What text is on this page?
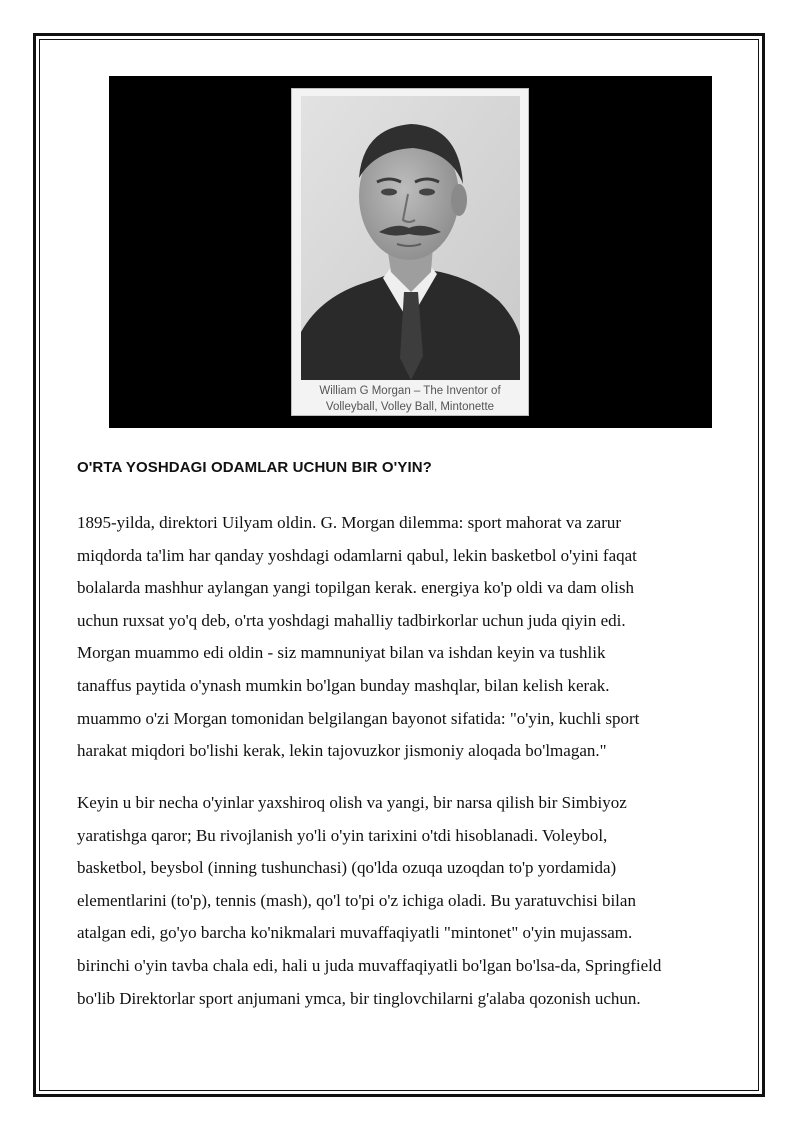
William G Morgan – The Inventor of
Volleyball, Volley Ball, Mintonette
O'RTA YOSHDAGI ODAMLAR UCHUN BIR O'YIN?

1895-yilda, direktori Uilyam oldin. G. Morgan dilemma: sport mahorat va zarur
miqdorda ta'lim har qanday yoshdagi odamlarni qabul, lekin basketbol o'yini faqat
bolalarda mashhur aylangan yangi topilgan kerak. energiya ko'p oldi va dam olish
uchun ruxsat yo'q deb, o'rta yoshdagi mahalliy tadbirkorlar uchun juda qiyin edi.
Morgan muammo edi oldin - siz mamnuniyat bilan va ishdan keyin va tushlik
tanaffus paytida o'ynash mumkin bo'lgan bunday mashqlar, bilan kelish kerak.
muammo o'zi Morgan tomonidan belgilangan bayonot sifatida: "o'yin, kuchli sport
harakat miqdori bo'lishi kerak, lekin tajovuzkor jismoniy aloqada bo'lmagan."

Keyin u bir necha o'yinlar yaxshiroq olish va yangi, bir narsa qilish bir Simbiyoz
yaratishga qaror; Bu rivojlanish yo'li o'yin tarixini o'tdi hisoblanadi. Voleybol,
basketbol, beysbol (inning tushunchasi) (qo'lda ozuqa uzoqdan to'p yordamida)
elementlarini (to'p), tennis (mash), qo'l to'pi o'z ichiga oladi. Bu yaratuvchisi bilan
atalgan edi, go'yo barcha ko'nikmalari muvaffaqiyatli "mintonet" o'yin mujassam.
birinchi o'yin tavba chala edi, hali u juda muvaffaqiyatli bo'lgan bo'lsa-da, Springfield
bo'lib Direktorlar sport anjumani ymca, bir tinglovchilarni g'alaba qozonish uchun.
